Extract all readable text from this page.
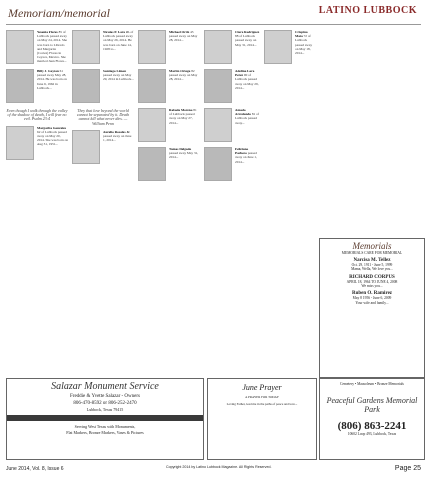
Memoriam/memorial	LATINO LUBBOCK
Yesenia Flores 85 of Lubbock passed away on May 24, 2014. She was born to Librado and Margarita (Cortez) Flores in Ceyaca, Mexico. She married Juan Flores...
Billy J. Gaytan 61 passed away May 28, 2014. He was born on June 6, 1962 in Lubbock...
Even though I walk through the valley of the shadow of death, I will fear no evil. Psalm 23:4
Margarita Gonzales 62 of Lubbock passed away on May 20, 2014. She was born on Aug 31, 1951...
Nicolas P. Lara Jr. of Lubbock passed away on May 26, 2014. He was born on June 14, 1928 to...
Santiago Limon passed away on May 29, 2014 in Lubbock...
They that love beyond the world cannot be separated by it. Death cannot kill what never dies. — William Penn
Aurelio Rosales Jr. passed away on June 1, 2014...
Michael Ortiz 43 passed away on May 28, 2014...
Martin Ortega 82 passed away on May 28, 2014...
Rafaela Moreno 81 of Lubbock passed away on May 27, 2014...
Tomas Delgado passed away May 31, 2014...
Clara Rodriguez 88 of Lubbock passed away on May 31, 2014...
Adelina Lara Perez 90 of Lubbock passed away on May 29, 2014...
Amado Arredondo 81 of Lubbock passed away...
Feliciano Pacheco passed away on June 1, 2014...
Crispina Mata 72 of Lubbock passed away on May 18, 2014...
Memorials
MEMORIALS CARE FOR MEMORIAL
Narcisa M. Tellez
Oct. 29, 1911 - June 5, 1999
Mama, Wella, We love you...
RICHARD CORPUS
APRIL 18, 1964 TO JUNE 4, 2008
We miss you...
Ruben O. Ramirez
May 8 1956 - June 6, 2009
Your wife and family...
Salazar Monument Service
Freddie & Yvette Salazar - Owners
806-470-8592 or 806-252-2470
Lubbock, Texas 79415
Serving West Texas with Monuments,
Flat Markers, Bronze Markers, Vases & Pictures
June Prayer
A PRAYER FOR TODAY
Loving Father, lead me in the paths of peace and love...
Cemetery • Mausoleum • Bronze Memorials
Peaceful Gardens Memorial Park
(806) 863-2241
10602 Loop 493, Lubbock, Texas
June 2014, Vol. 8, Issue 6	Copyright 2014 by Latino Lubbock Magazine. All Rights Reserved.	Page 25
